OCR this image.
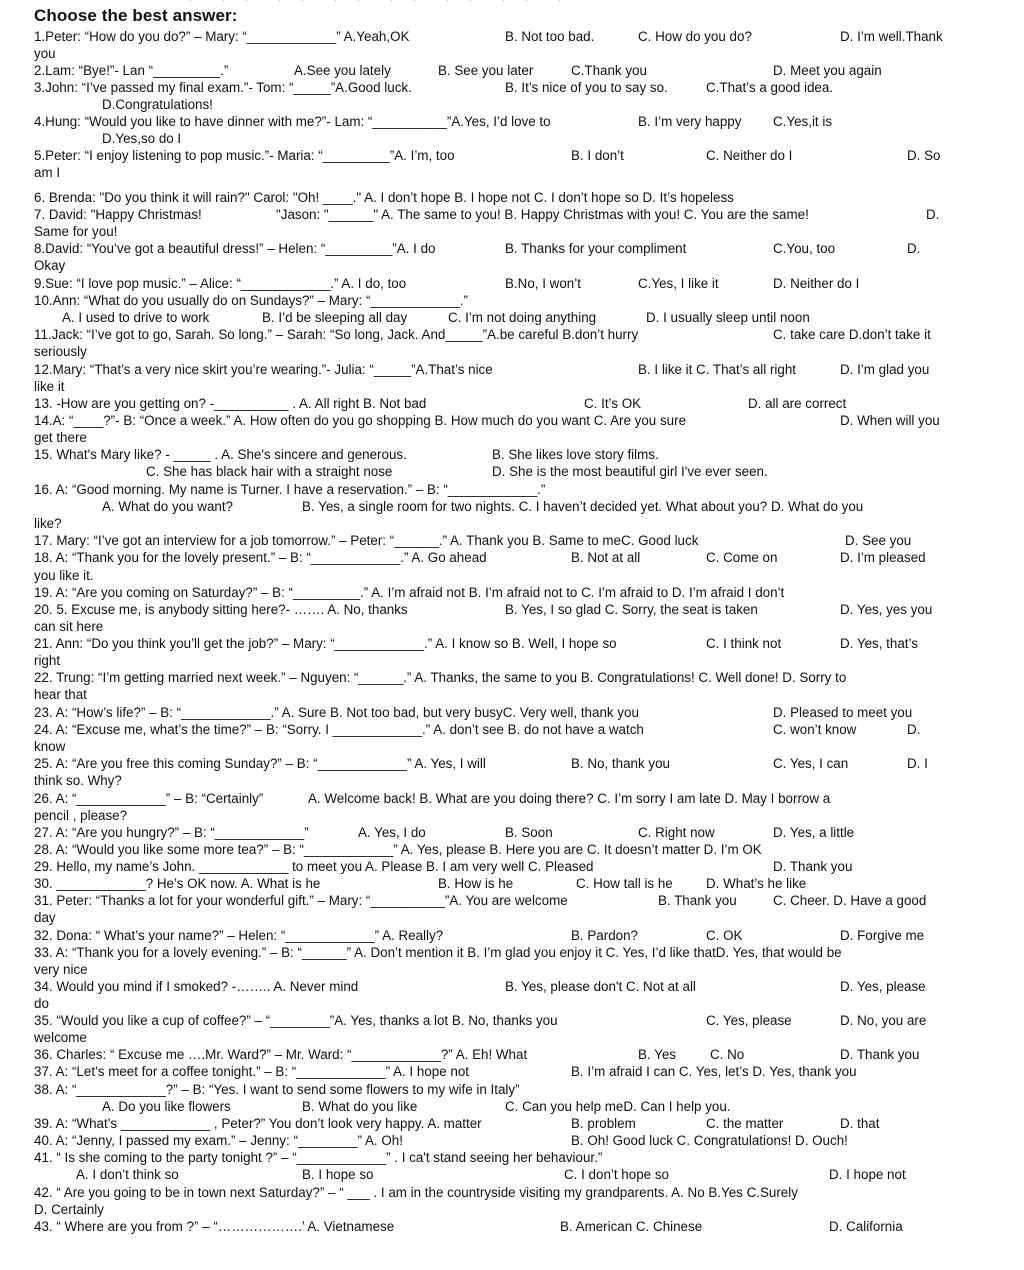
Choose the best answer:
1.Peter: “How do you do?” – Mary: “____________” A.Yeah,OK	B. Not too bad.	C. How do you do?	D. I’m well.Thank
you
2.Lam: “Bye!”- Lan “_________.”	A.See you lately	B. See you later	C.Thank you	D. Meet you again
3.John: “I’ve passed my final exam.”- Tom: “_____”A.Good luck.	B. It’s nice of you to say so.	C.That’s a good idea.
D.Congratulations!
4.Hung: “Would you like to have dinner with me?”- Lam: “__________”A.Yes, I’d love to	B. I’m very happy C.Yes,it is
D.Yes,so do I
5.Peter: “I enjoy listening to pop music.”- Maria: “_________”A. I’m, too	B. I don’t	C. Neither do I	D. So
am I
6. Brenda: "Do you think it will rain?" Carol: "Oh! ____." A. I don’t hope B. I hope not C. I don’t hope so D. It’s hopeless
7. David: "Happy Christmas!	"Jason: "______" A. The same to you! B. Happy Christmas with you! C. You are the same!	D.
Same for you!
8.David: “You’ve got a beautiful dress!” – Helen: “_________”A. I do	B. Thanks for your compliment	C.You, too	D.
Okay
9.Sue: “I love pop music.” – Alice: “____________.” A. I do, too	B.No, I won’t	C.Yes, I like it	D. Neither do I
10.Ann: “What do you usually do on Sundays?” – Mary: “____________.”
A. I used to drive to work	B. I’d be sleeping all day	C. I’m not doing anything	D. I usually sleep until noon
11.Jack: “I’ve got to go, Sarah. So long.” – Sarah: “So long, Jack. And_____”A.be careful B.don’t hurry	C. take care D.don’t take it
seriously
12.Mary: “That’s a very nice skirt you’re wearing.”- Julia: “_____”A.That’s nice	B. I like it C. That’s all right	D. I’m glad you
like it
13. -How are you getting on? -__________ . A. All right B. Not bad	C. It’s OK	D. all are correct
14.A: “____?”- B: “Once a week.” A. How often do you go shopping B. How much do you want C. Are you sure	D. When will you
get there
15. What's Mary like? - _____ . A. She's sincere and generous.	B. She likes love story films.
C. She has black hair with a straight nose	D. She is the most beautiful girl I've ever seen.
16. A: “Good morning. My name is Turner. I have a reservation.” – B: “____________.”
A. What do you want?	B. Yes, a single room for two nights. C. I haven’t decided yet. What about you? D. What do you
like?
17. Mary: “I’ve got an interview for a job tomorrow.” – Peter: “______.” A. Thank you B. Same to meC. Good luck	D. See you
18. A: “Thank you for the lovely present.” – B: “____________.” A. Go ahead	B. Not at all	C. Come on	D. I’m pleased
you like it.
19. A: “Are you coming on Saturday?” – B: “_________.” A. I’m afraid not B. I’m afraid not to C. I’m afraid to D. I’m afraid I don’t
20. 5. Excuse me, is anybody sitting here?- ……. A. No, thanks	B. Yes, I so glad C. Sorry, the seat is taken	D. Yes, yes you
can sit here
21. Ann: “Do you think you’ll get the job?” – Mary: “____________.” A. I know so B. Well, I hope so	C. I think not	D. Yes, that’s
right
22. Trung: “I’m getting married next week.” – Nguyen: “______.” A. Thanks, the same to you B. Congratulations! C. Well done! D. Sorry to
hear that
23. A: “How’s life?” – B: “____________.” A. Sure B. Not too bad, but very busyC. Very well, thank you	D. Pleased to meet you
24. A: “Excuse me, what’s the time?” – B: “Sorry. I ____________.” A. don’t see B. do not have a watch	C. won’t know	D.
know
25. A: “Are you free this coming Sunday?” – B: “____________” A. Yes, I will	B. No, thank you	C. Yes, I can	D. I
think so. Why?
26. A: “____________” – B: “Certainly”	A. Welcome back! B. What are you doing there? C. I’m sorry I am late D. May I borrow a
pencil , please?
27. A: “Are you hungry?” – B: “____________”	A. Yes, I do	B. Soon	C. Right now	D. Yes, a little
28. A: “Would you like some more tea?” – B: “____________” A. Yes, please B. Here you are C. It doesn’t matter D. I’m OK
29. Hello, my name’s John. ____________ to meet you A. Please B. I am very well C. Pleased	D. Thank you
30. ____________? He’s OK now. A. What is he	B. How is he	C. How tall is he D. What’s he like
31. Peter: “Thanks a lot for your wonderful gift.” – Mary: “__________”A. You are welcome	B. Thank you	C. Cheer. D. Have a good
day
32. Dona: “ What’s your name?” – Helen: “____________” A. Really?	B. Pardon?	C. OK	D. Forgive me
33. A: “Thank you for a lovely evening.” – B: “______” A. Don’t mention it B. I’m glad you enjoy it C. Yes, I’d like thatD. Yes, that would be
very nice
34. Would you mind if I smoked? -…….. A. Never mind	B. Yes, please don't C. Not at all	D. Yes, please
do
35. “Would you like a cup of coffee?” – “________”A. Yes, thanks a lot B. No, thanks you	C. Yes, please	D. No, you are
welcome
36. Charles: “ Excuse me ….Mr. Ward?” – Mr. Ward: “____________?” A. Eh! What	B. Yes	C. No	D. Thank you
37. A: “Let’s meet for a coffee tonight.” – B: “____________” A. I hope not	B. I’m afraid I can C. Yes, let’s D. Yes, thank you
38. A: “____________?” – B: “Yes. I want to send some flowers to my wife in Italy”
A. Do you like flowers	B. What do you like	C. Can you help meD. Can I help you.
39. A: “What’s ____________ , Peter?” You don’t look very happy. A. matter	B. problem	C. the matter	D. that
40. A: “Jenny, I passed my exam.” – Jenny: “________” A. Oh!	B. Oh! Good luck C. Congratulations! D. Ouch!
41. “ Is she coming to the party tonight ?” – “____________” . I ca't stand seeing her behaviour.”
A. I don’t think so	B. I hope so	C. I don’t hope so	D. I hope not
42. “ Are you going to be in town next Saturday?” – “ ___ . I am in the countryside visiting my grandparents. A. No B.Yes C.Surely
D. Certainly
43. “ Where are you from ?” – “……………….’ A. Vietnamese	B. American C. Chinese	D. California
